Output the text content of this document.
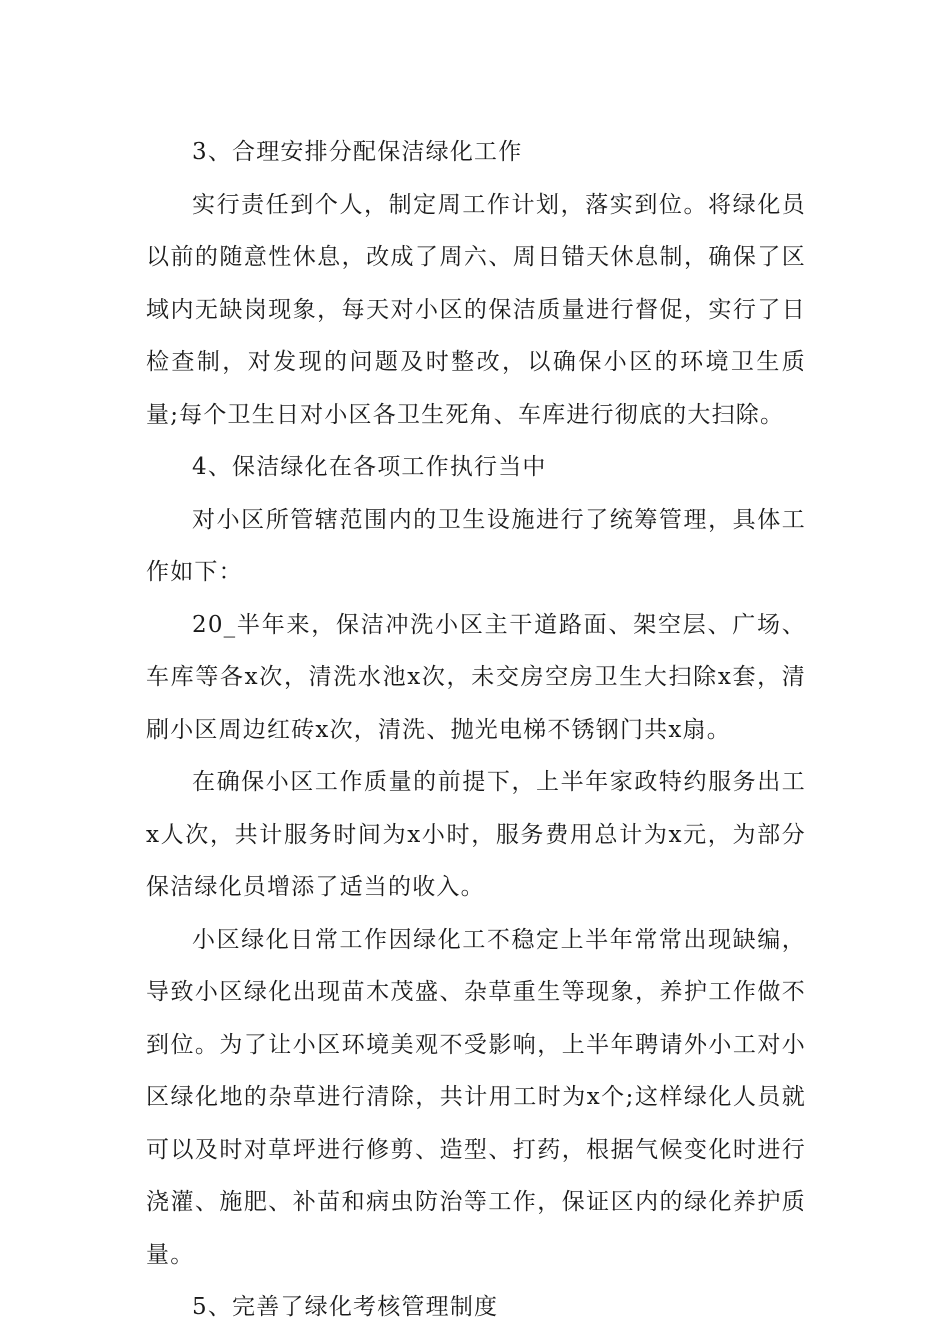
3、合理安排分配保洁绿化工作

实行责任到个人，制定周工作计划，落实到位。将绿化员以前的随意性休息，改成了周六、周日错天休息制，确保了区域内无缺岗现象，每天对小区的保洁质量进行督促，实行了日检查制，对发现的问题及时整改，以确保小区的环境卫生质量;每个卫生日对小区各卫生死角、车库进行彻底的大扫除。

4、保洁绿化在各项工作执行当中

对小区所管辖范围内的卫生设施进行了统筹管理，具体工作如下：

20_半年来，保洁冲洗小区主干道路面、架空层、广场、车库等各x次，清洗水池x次，未交房空房卫生大扫除x套，清刷小区周边红砖x次，清洗、抛光电梯不锈钢门共x扇。

在确保小区工作质量的前提下，上半年家政特约服务出工x人次，共计服务时间为x小时，服务费用总计为x元，为部分保洁绿化员增添了适当的收入。

小区绿化日常工作因绿化工不稳定上半年常常出现缺编，导致小区绿化出现苗木茂盛、杂草重生等现象，养护工作做不到位。为了让小区环境美观不受影响，上半年聘请外小工对小区绿化地的杂草进行清除，共计用工时为x个;这样绿化人员就可以及时对草坪进行修剪、造型、打药，根据气候变化时进行浇灌、施肥、补苗和病虫防治等工作，保证区内的绿化养护质量。

5、完善了绿化考核管理制度
